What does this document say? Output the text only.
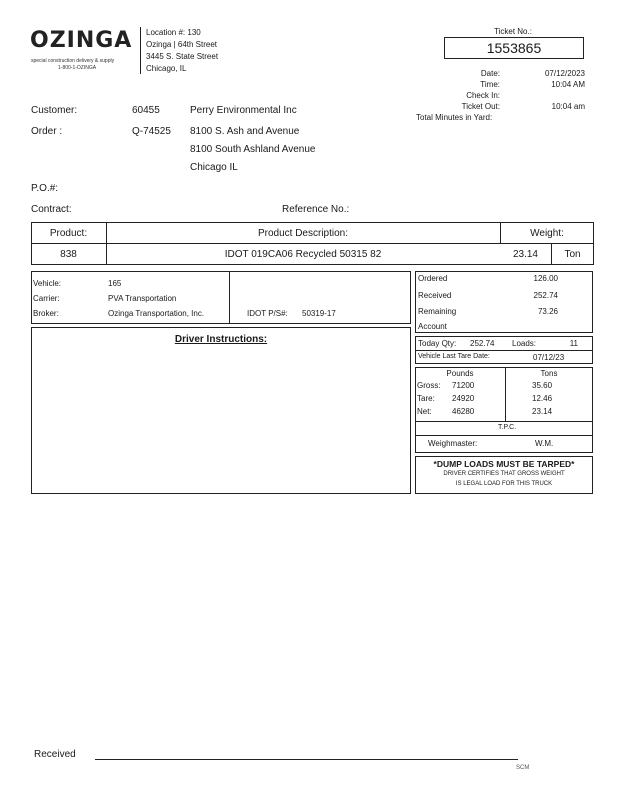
OZINGA
special construction delivery & supply
1-800-1-OZINGA
Location #: 130
Ozinga | 64th Street
3445 S. State Street
Chicago, IL
Ticket No.:
1553865
Date:	07/12/2023
Time:	10:04 AM
Check In:
Ticket Out:	10:04 am
Total Minutes in Yard:
Customer:	60455	Perry Environmental Inc
Order :	Q-74525 8100 S. Ash and Avenue
8100 South Ashland Avenue
Chicago IL
P.O.#:
Contract:	Reference No.:
Product:	Product Description:	Weight:
838	IDOT 019CA06 Recycled 50315 82	23.14	Ton
Vehicle:	165
Carrier:	PVA Transportation
Broker:	Ozinga Transportation, Inc.	IDOT P/S#: 50319-17
Driver Instructions:
Ordered	126.00
Received	252.74
Remaining	73.26
Account
Today Qty: 252.74 Loads:	11
Vehicle Last Tare Date:	07/12/23
Pounds	Tons
Gross: 71200	35.60
Tare: 24920	12.46
Net:	46280	23.14
T.P.C.
Weighmaster:	W.M.
*DUMP LOADS MUST BE TARPED*
DRIVER CERTIFIES THAT GROSS WEIGHT
IS LEGAL LOAD FOR THIS TRUCK
Received
SCM
